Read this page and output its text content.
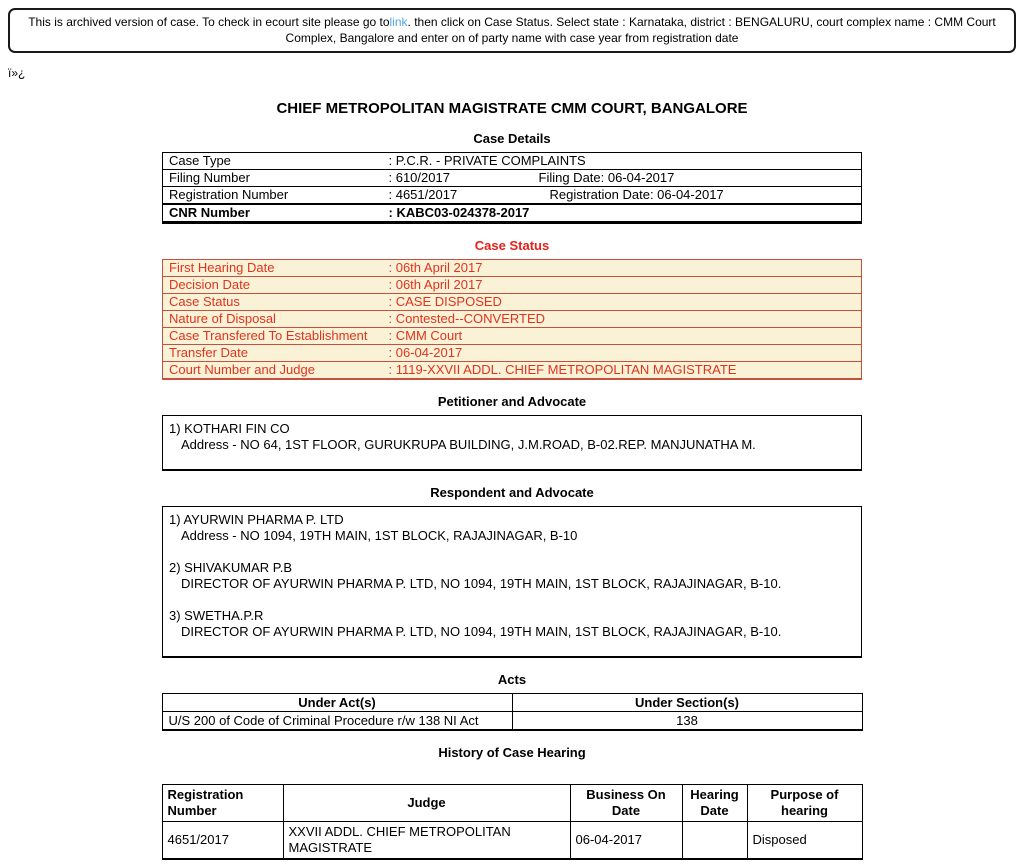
This is archived version of case. To check in ecourt site please go tolink. then click on Case Status. Select state : Karnataka, district : BENGALURU, court complex name : CMM Court
Complex, Bangalore and enter on of party name with case year from registration date
ï»¿
CHIEF METROPOLITAN MAGISTRATE CMM COURT, BANGALORE
Case Details
Case Type	: P.C.R. - PRIVATE COMPLAINTS
Filing Number	: 610/2017 Filing Date: 06-04-2017
Registration Number	: 4651/2017 Registration Date: 06-04-2017
CNR Number	: KABC03-024378-2017
Case Status
First Hearing Date	: 06th April 2017
Decision Date	: 06th April 2017
Case Status	: CASE DISPOSED
Nature of Disposal	: Contested--CONVERTED
Case Transfered To Establishment	: CMM Court
Transfer Date	: 06-04-2017
Court Number and Judge	: 1119-XXVII ADDL. CHIEF METROPOLITAN MAGISTRATE
Petitioner and Advocate
1) KOTHARI FIN CO
Address - NO 64, 1ST FLOOR, GURUKRUPA BUILDING, J.M.ROAD, B-02.REP. MANJUNATHA M.
Respondent and Advocate
1) AYURWIN PHARMA P. LTD
Address - NO 1094, 19TH MAIN, 1ST BLOCK, RAJAJINAGAR, B-10
2) SHIVAKUMAR P.B
DIRECTOR OF AYURWIN PHARMA P. LTD, NO 1094, 19TH MAIN, 1ST BLOCK, RAJAJINAGAR, B-10.
3) SWETHA.P.R
DIRECTOR OF AYURWIN PHARMA P. LTD, NO 1094, 19TH MAIN, 1ST BLOCK, RAJAJINAGAR, B-10.
Acts
Under Act(s)	Under Section(s)
U/S 200 of Code of Criminal Procedure r/w 138 NI Act	138
History of Case Hearing
Registration Number	Judge	Business On Date	Hearing Date	Purpose of hearing
4651/2017	XXVII ADDL. CHIEF METROPOLITAN MAGISTRATE	06-04-2017		Disposed
